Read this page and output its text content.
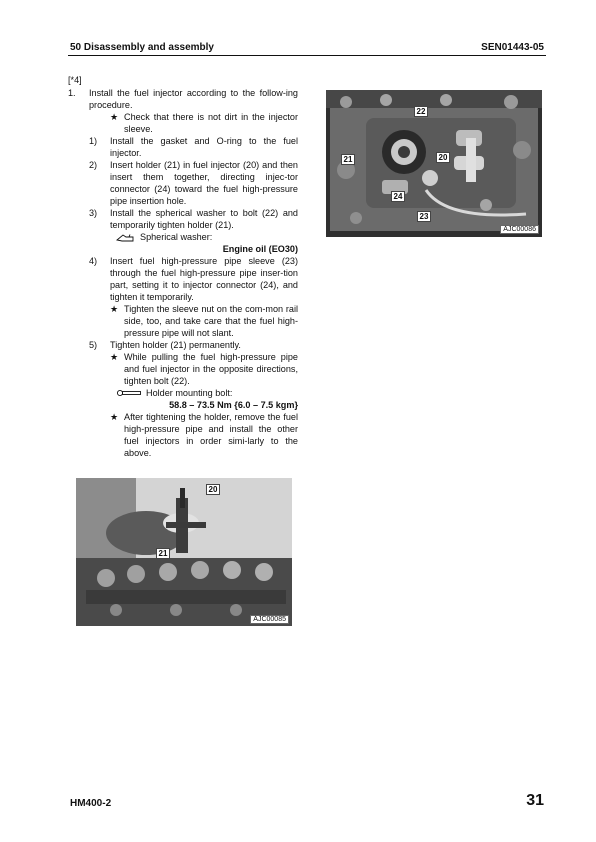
50 Disassembly and assembly	SEN01443-05
[*4]
1.	Install the fuel injector according to the follow-ing procedure.
★ Check that there is not dirt in the injector sleeve.
1)	Install the gasket and O-ring to the fuel injector.
2)	Insert holder (21) in fuel injector (20) and then insert them together, directing injec-tor connector (24) toward the fuel high-pressure pipe insertion hole.
3)	Install the spherical washer to bolt (22) and temporarily tighten holder (21).
Spherical washer:
Engine oil (EO30)
4)	Insert fuel high-pressure pipe sleeve (23) through the fuel high-pressure pipe inser-tion part, setting it to injector connector (24), and tighten it temporarily.
★ Tighten the sleeve nut on the com-mon rail side, too, and take care that the fuel high-pressure pipe will not slant.
5)	Tighten holder (21) permanently.
★ While pulling the fuel high-pressure pipe and fuel injector in the opposite directions, tighten bolt (22).
Holder mounting bolt:
58.8 – 73.5 Nm {6.0 – 7.5 kgm}
★ After tightening the holder, remove the fuel high-pressure pipe and install the other fuel injectors in order simi-larly to the above.
22
21	20
24
23
AJC00086
20
21
AJC00085
HM400-2	31
